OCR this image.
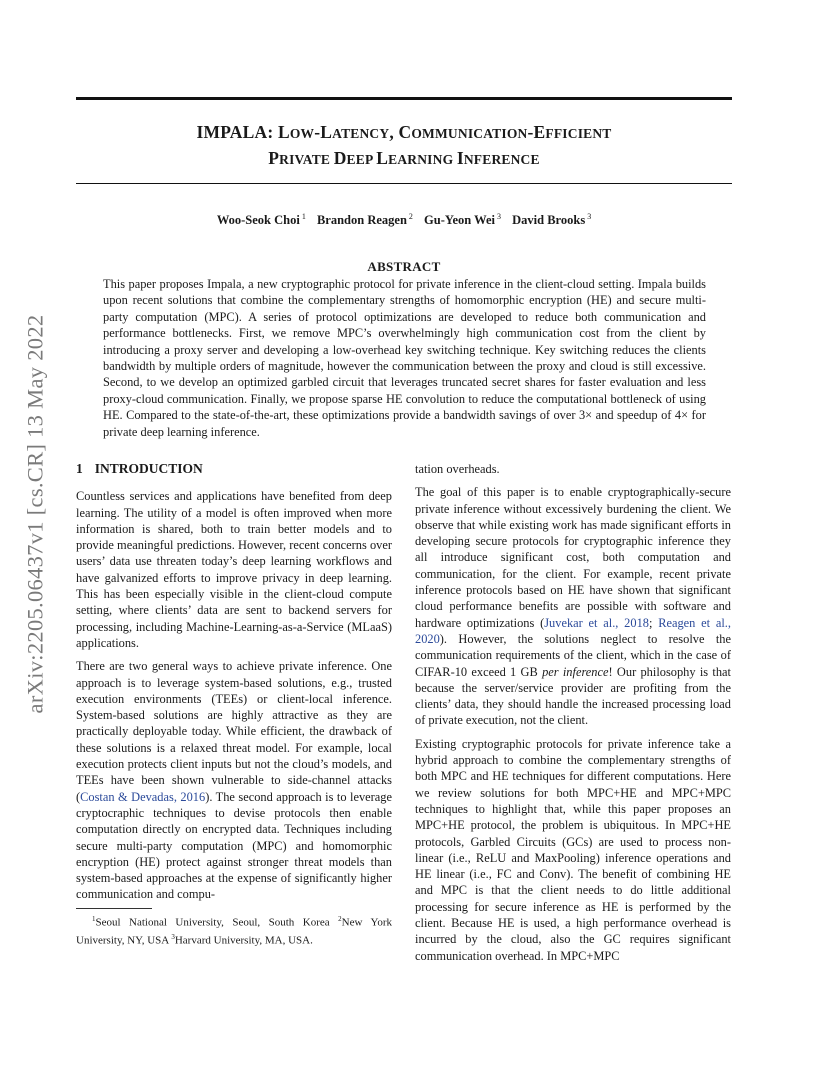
IMPALA: LOW-LATENCY, COMMUNICATION-EFFICIENT
PRIVATE DEEP LEARNING INFERENCE
Woo-Seok Choi $^1$ Brandon Reagen $^2$ Gu-Yeon Wei $^3$ David Brooks $^3$
arXiv:2205.06437v1 [cs.CR] 13 May 2022
ABSTRACT

This paper proposes Impala, a new cryptographic protocol for private inference in the client-cloud setting. Impala builds upon recent solutions that combine the complementary strengths of homomorphic encryption (HE) and secure multi-party computation (MPC). A series of protocol optimizations are developed to reduce both communication and performance bottlenecks. First, we remove MPC’s overwhelmingly high communication cost from the client by introducing a proxy server and developing a low-overhead key switching technique. Key switching reduces the clients bandwidth by multiple orders of magnitude, however the communication between the proxy and cloud is still excessive. Second, to we develop an optimized garbled circuit that leverages truncated secret shares for faster evaluation and less proxy-cloud communication. Finally, we propose sparse HE convolution to reduce the computational bottleneck of using HE. Compared to the state-of-the-art, these optimizations provide a bandwidth savings of over 3× and speedup of 4× for private deep learning inference.

1 INTRODUCTION

Countless services and applications have benefited from deep learning. The utility of a model is often improved when more information is shared, both to train better models and to provide meaningful predictions. However, recent concerns over users’ data use threaten today’s deep learning workflows and have galvanized efforts to improve privacy in deep learning. This has been especially visible in the client-cloud compute setting, where clients’ data are sent to backend servers for processing, including Machine-Learning-as-a-Service (MLaaS) applications.

There are two general ways to achieve private inference. One approach is to leverage system-based solutions, e.g., trusted execution environments (TEEs) or client-local inference. System-based solutions are highly attractive as they are practically deployable today. While efficient, the drawback of these solutions is a relaxed threat model. For example, local execution protects client inputs but not the cloud’s models, and TEEs have been shown vulnerable to side-channel attacks (Costan & Devadas, 2016). The second approach is to leverage cryptocraphic techniques to devise protocols then enable computation directly on encrypted data. Techniques including secure multi-party computation (MPC) and homomorphic encryption (HE) protect against stronger threat models than system-based approaches at the expense of significantly higher communication and compu-

tation overheads.

The goal of this paper is to enable cryptographically-secure private inference without excessively burdening the client. We observe that while existing work has made significant efforts in developing secure protocols for cryptographic inference they all introduce significant cost, both computation and communication, for the client. For example, recent private inference protocols based on HE have shown that significant cloud performance benefits are possible with software and hardware optimizations (Juvekar et al., 2018; Reagen et al., 2020). However, the solutions neglect to resolve the communication requirements of the client, which in the case of CIFAR-10 exceed 1 GB per inference! Our philosophy is that because the server/service provider are profiting from the clients’ data, they should handle the increased processing load of private execution, not the client.

Existing cryptographic protocols for private inference take a hybrid approach to combine the complementary strengths of both MPC and HE techniques for different computations. Here we review solutions for both MPC+HE and MPC+MPC techniques to highlight that, while this paper proposes an MPC+HE protocol, the problem is ubiquitous. In MPC+HE protocols, Garbled Circuits (GCs) are used to process non-linear (i.e., ReLU and MaxPooling) inference operations and HE linear (i.e., FC and Conv). The benefit of combining HE and MPC is that the client needs to do little additional processing for secure inference as HE is performed by the client. Because HE is used, a high performance overhead is incurred by the cloud, also the GC requires significant communication overhead. In MPC+MPC

$^1$Seoul National University, Seoul, South Korea $^2$New York University, NY, USA $^3$Harvard University, MA, USA.
